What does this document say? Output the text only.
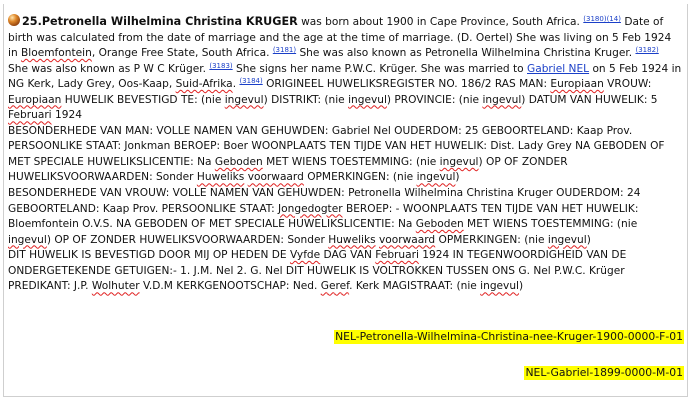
25.Petronella Wilhelmina Christina KRUGER was born about 1900 in Cape Province, South Africa. $^{(3180)(14)}$ Date of birth was calculated from the date of marriage and the age at the time of marriage. (D. Oertel) She was living on 5 Feb 1924 in Bloemfontein, Orange Free State, South Africa. $^{(3181)}$ She was also known as Petronella Wilhelmina Christina Kruger. $^{(3182)}$ She was also known as P W C Krüger. $^{(3183)}$ She signs her name P.W.C. Krüger. She was married to Gabriel NEL on 5 Feb 1924 in NG Kerk, Lady Grey, Oos-Kaap, Suid-Afrika. $^{(3184)}$ ORIGINEEL HUWELIKSREGISTER NO. 186/2 RAS MAN: Europiaan VROUW: Europiaan HUWELIK BEVESTIGD TE: (nie ingevul) DISTRIKT: (nie ingevul) PROVINCIE: (nie ingevul) DATUM VAN HUWELIK: 5 Februari 1924
BESONDERHEDE VAN MAN: VOLLE NAMEN VAN GEHUWDEN: Gabriel Nel OUDERDOM: 25 GEBOORTELAND: Kaap Prov. PERSOONLIKE STAAT: Jonkman BEROEP: Boer WOONPLAATS TEN TIJDE VAN HET HUWELIK: Dist. Lady Grey NA GEBODEN OF MET SPECIALE HUWELIKSLICENTIE: Na Geboden MET WIENS TOESTEMMING: (nie ingevul) OP OF ZONDER HUWELIKSVOORWAARDEN: Sonder Huweliks voorwaard OPMERKINGEN: (nie ingevul)
BESONDERHEDE VAN VROUW: VOLLE NAMEN VAN GEHUWDEN: Petronella Wilhelmina Christina Kruger OUDERDOM: 24 GEBOORTELAND: Kaap Prov. PERSOONLIKE STAAT: Jongedogter BEROEP: - WOONPLAATS TEN TIJDE VAN HET HUWELIK: Bloemfontein O.V.S. NA GEBODEN OF MET SPECIALE HUWELIKSLICENTIE: Na Geboden MET WIENS TOESTEMMING: (nie ingevul) OP OF ZONDER HUWELIKSVOORWAARDEN: Sonder Huweliks voorwaard OPMERKINGEN: (nie ingevul)
DIT HUWELIK IS BEVESTIGD DOOR MIJ OP HEDEN DE Vyfde DAG VAN Februari 1924 IN TEGENWOORDIGHEID VAN DE ONDERGETEKENDE GETUIGEN:- 1. J.M. Nel 2. G. Nel DIT HUWELIK IS VOLTROKKEN TUSSEN ONS G. Nel P.W.C. Krüger PREDIKANT: J.P. Wolhuter V.D.M KERKGENOOTSCHAP: Ned. Geref. Kerk MAGISTRAAT: (nie ingevul)
NEL-Petronella-Wilhelmina-Christina-nee-Kruger-1900-0000-F-01
NEL-Gabriel-1899-0000-M-01
